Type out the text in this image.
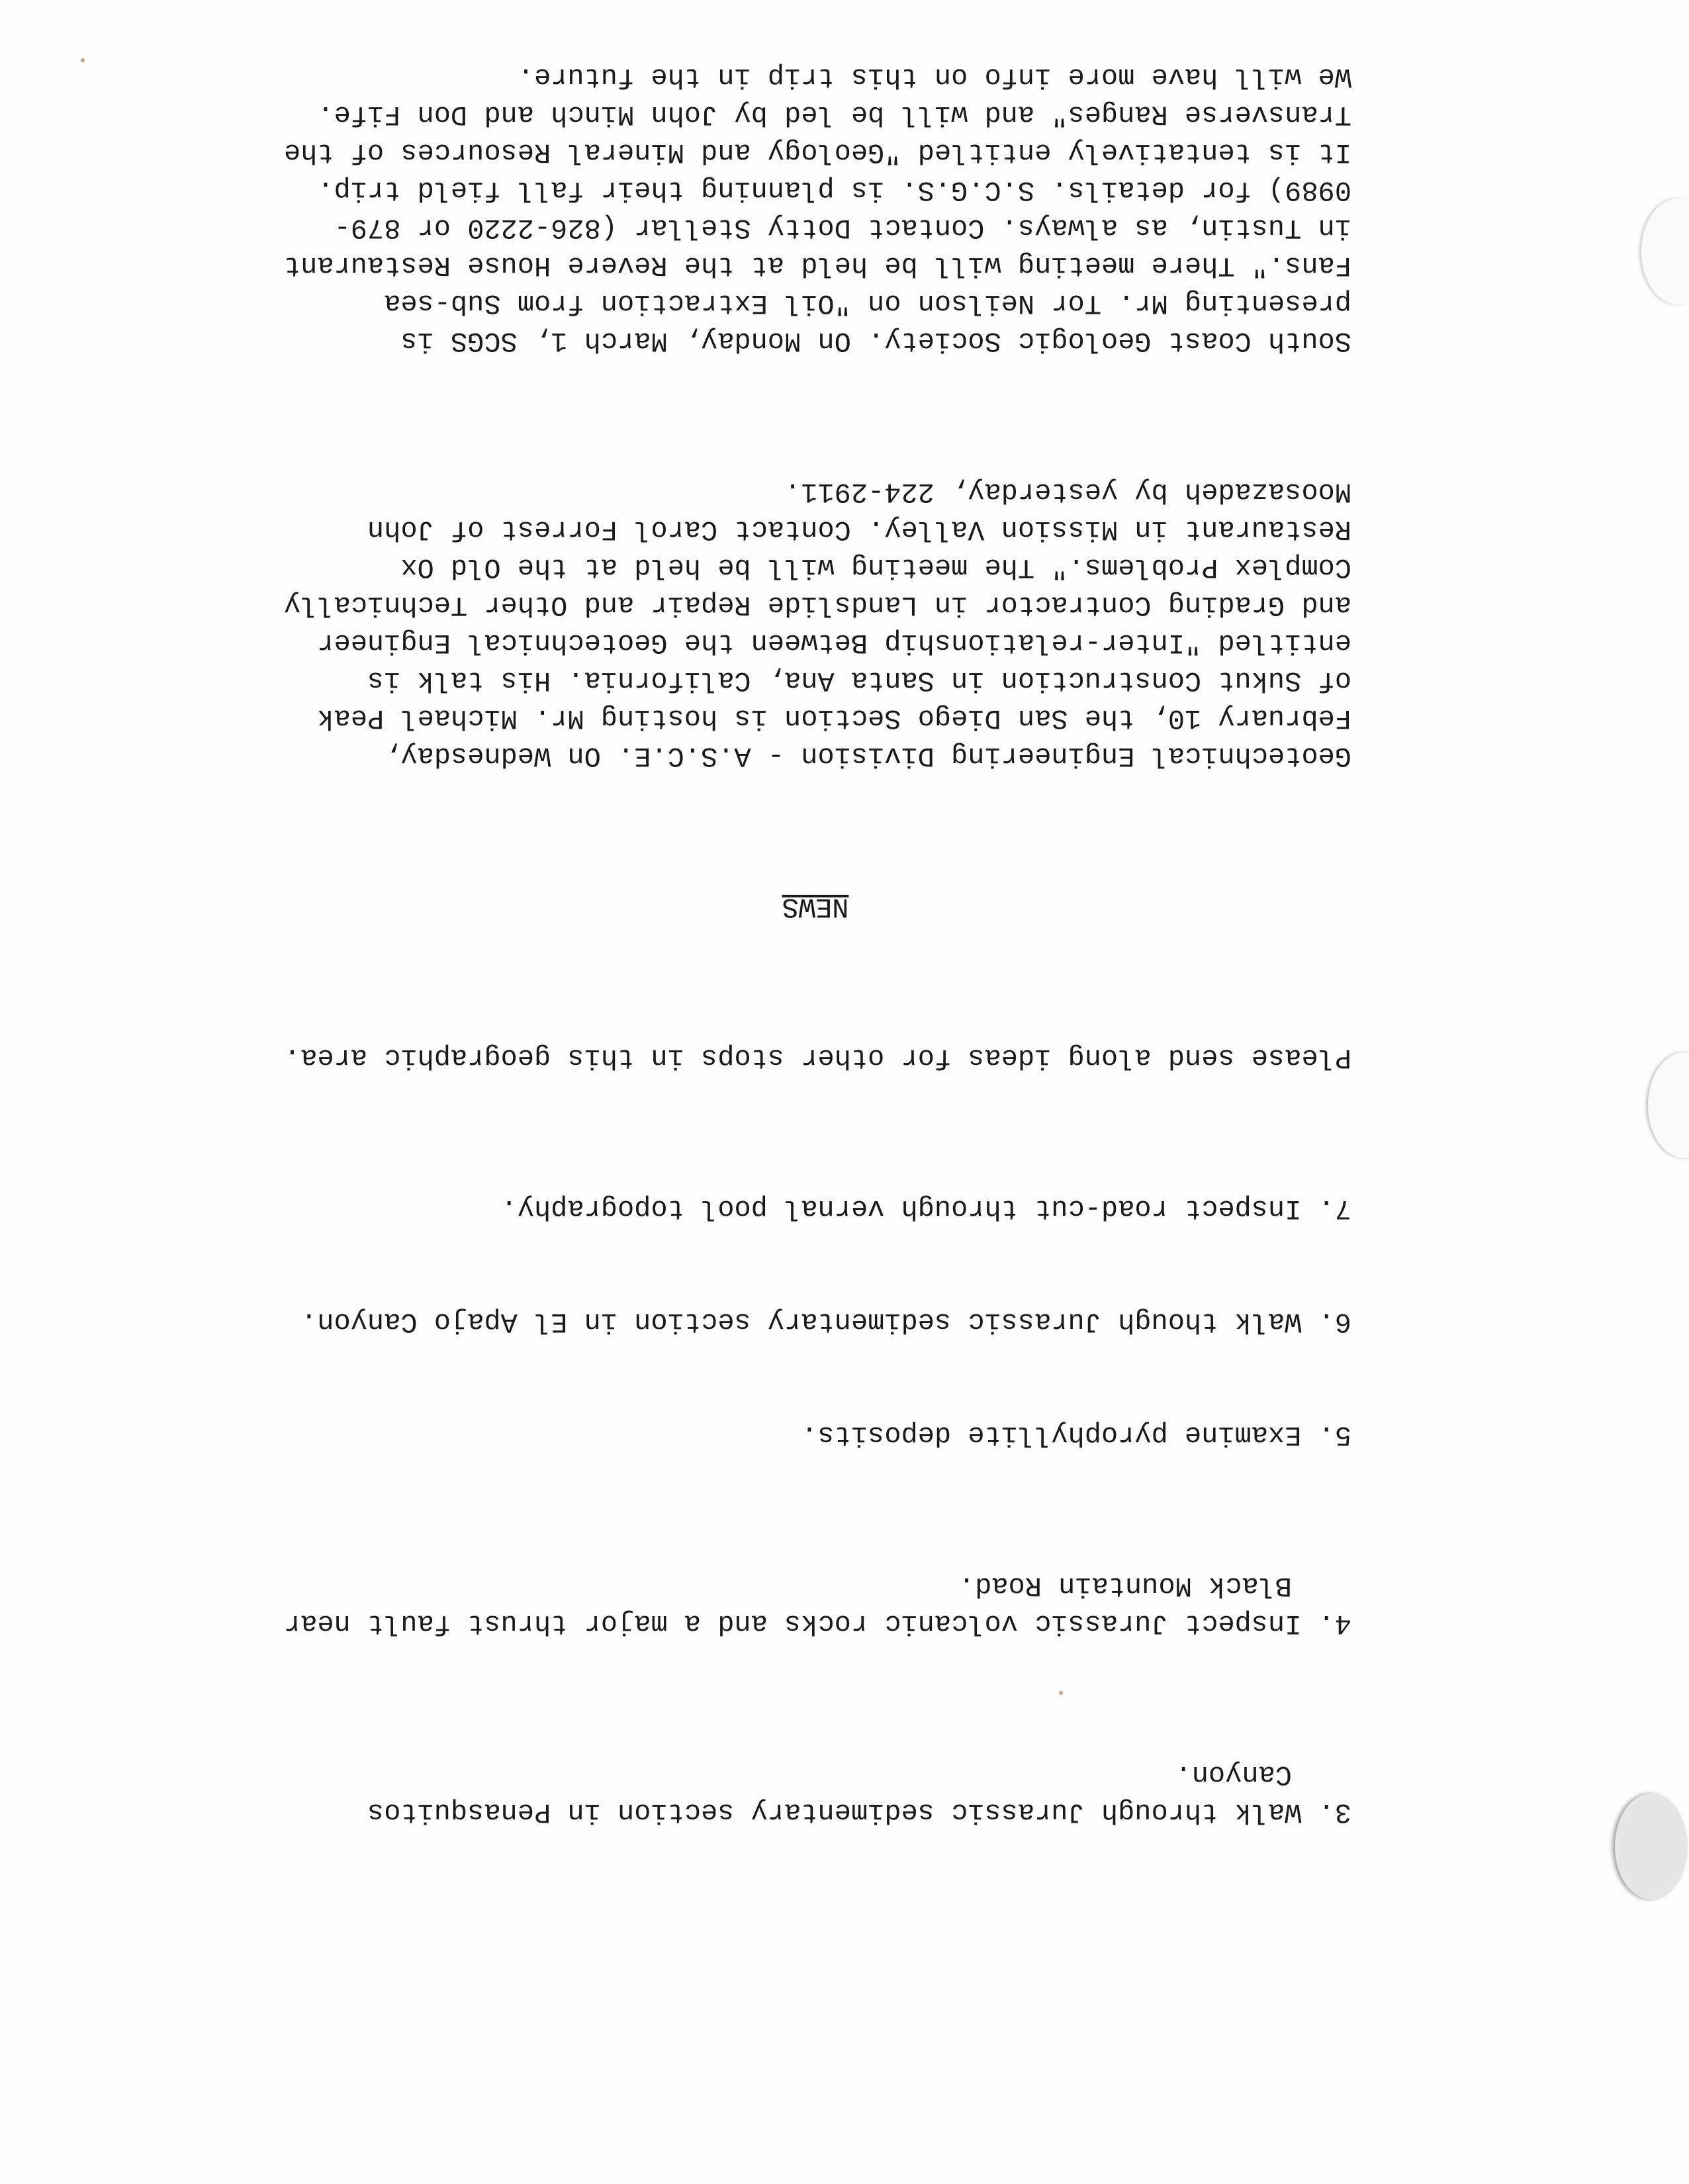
3. Walk through Jurassic sedimentary section in Penasquitos Canyon.

4. Inspect Jurassic volcanic rocks and a major thrust fault near Black Mountain Road.

5. Examine pyrophyllite deposits.

6. Walk though Jurassic sedimentary section in El Apajo Canyon.

7. Inspect road-cut through vernal pool topography.

Please send along ideas for other stops in this geographic area.

NEWS

Geotechnical Engineering Division - A.S.C.E. On Wednesday, February 10, the San Diego Section is hosting Mr. Michael Peak of Sukut Construction in Santa Ana, California. His talk is entitled "Inter-relationship Between the Geotechnical Engineer and Grading Contractor in Landslide Repair and Other Technically Complex Problems." The meeting will be held at the Old Ox Restaurant in Mission Valley. Contact Carol Forrest of John Moosazadeh by yesterday, 224-2911.

South Coast Geologic Society. On Monday, March 1, SCGS is presenting Mr. Tor Neilson on "Oil Extraction from Sub-sea Fans." There meeting will be held at the Revere House Restaurant in Tustin, as always. Contact Dotty Stellar (826-2220 or 879-0989) for details. S.C.G.S. is planning their fall field trip. It is tentatively entitled "Geology and Mineral Resources of the Transverse Ranges" and will be led by John Minch and Don Fife. We will have more info on this trip in the future.
